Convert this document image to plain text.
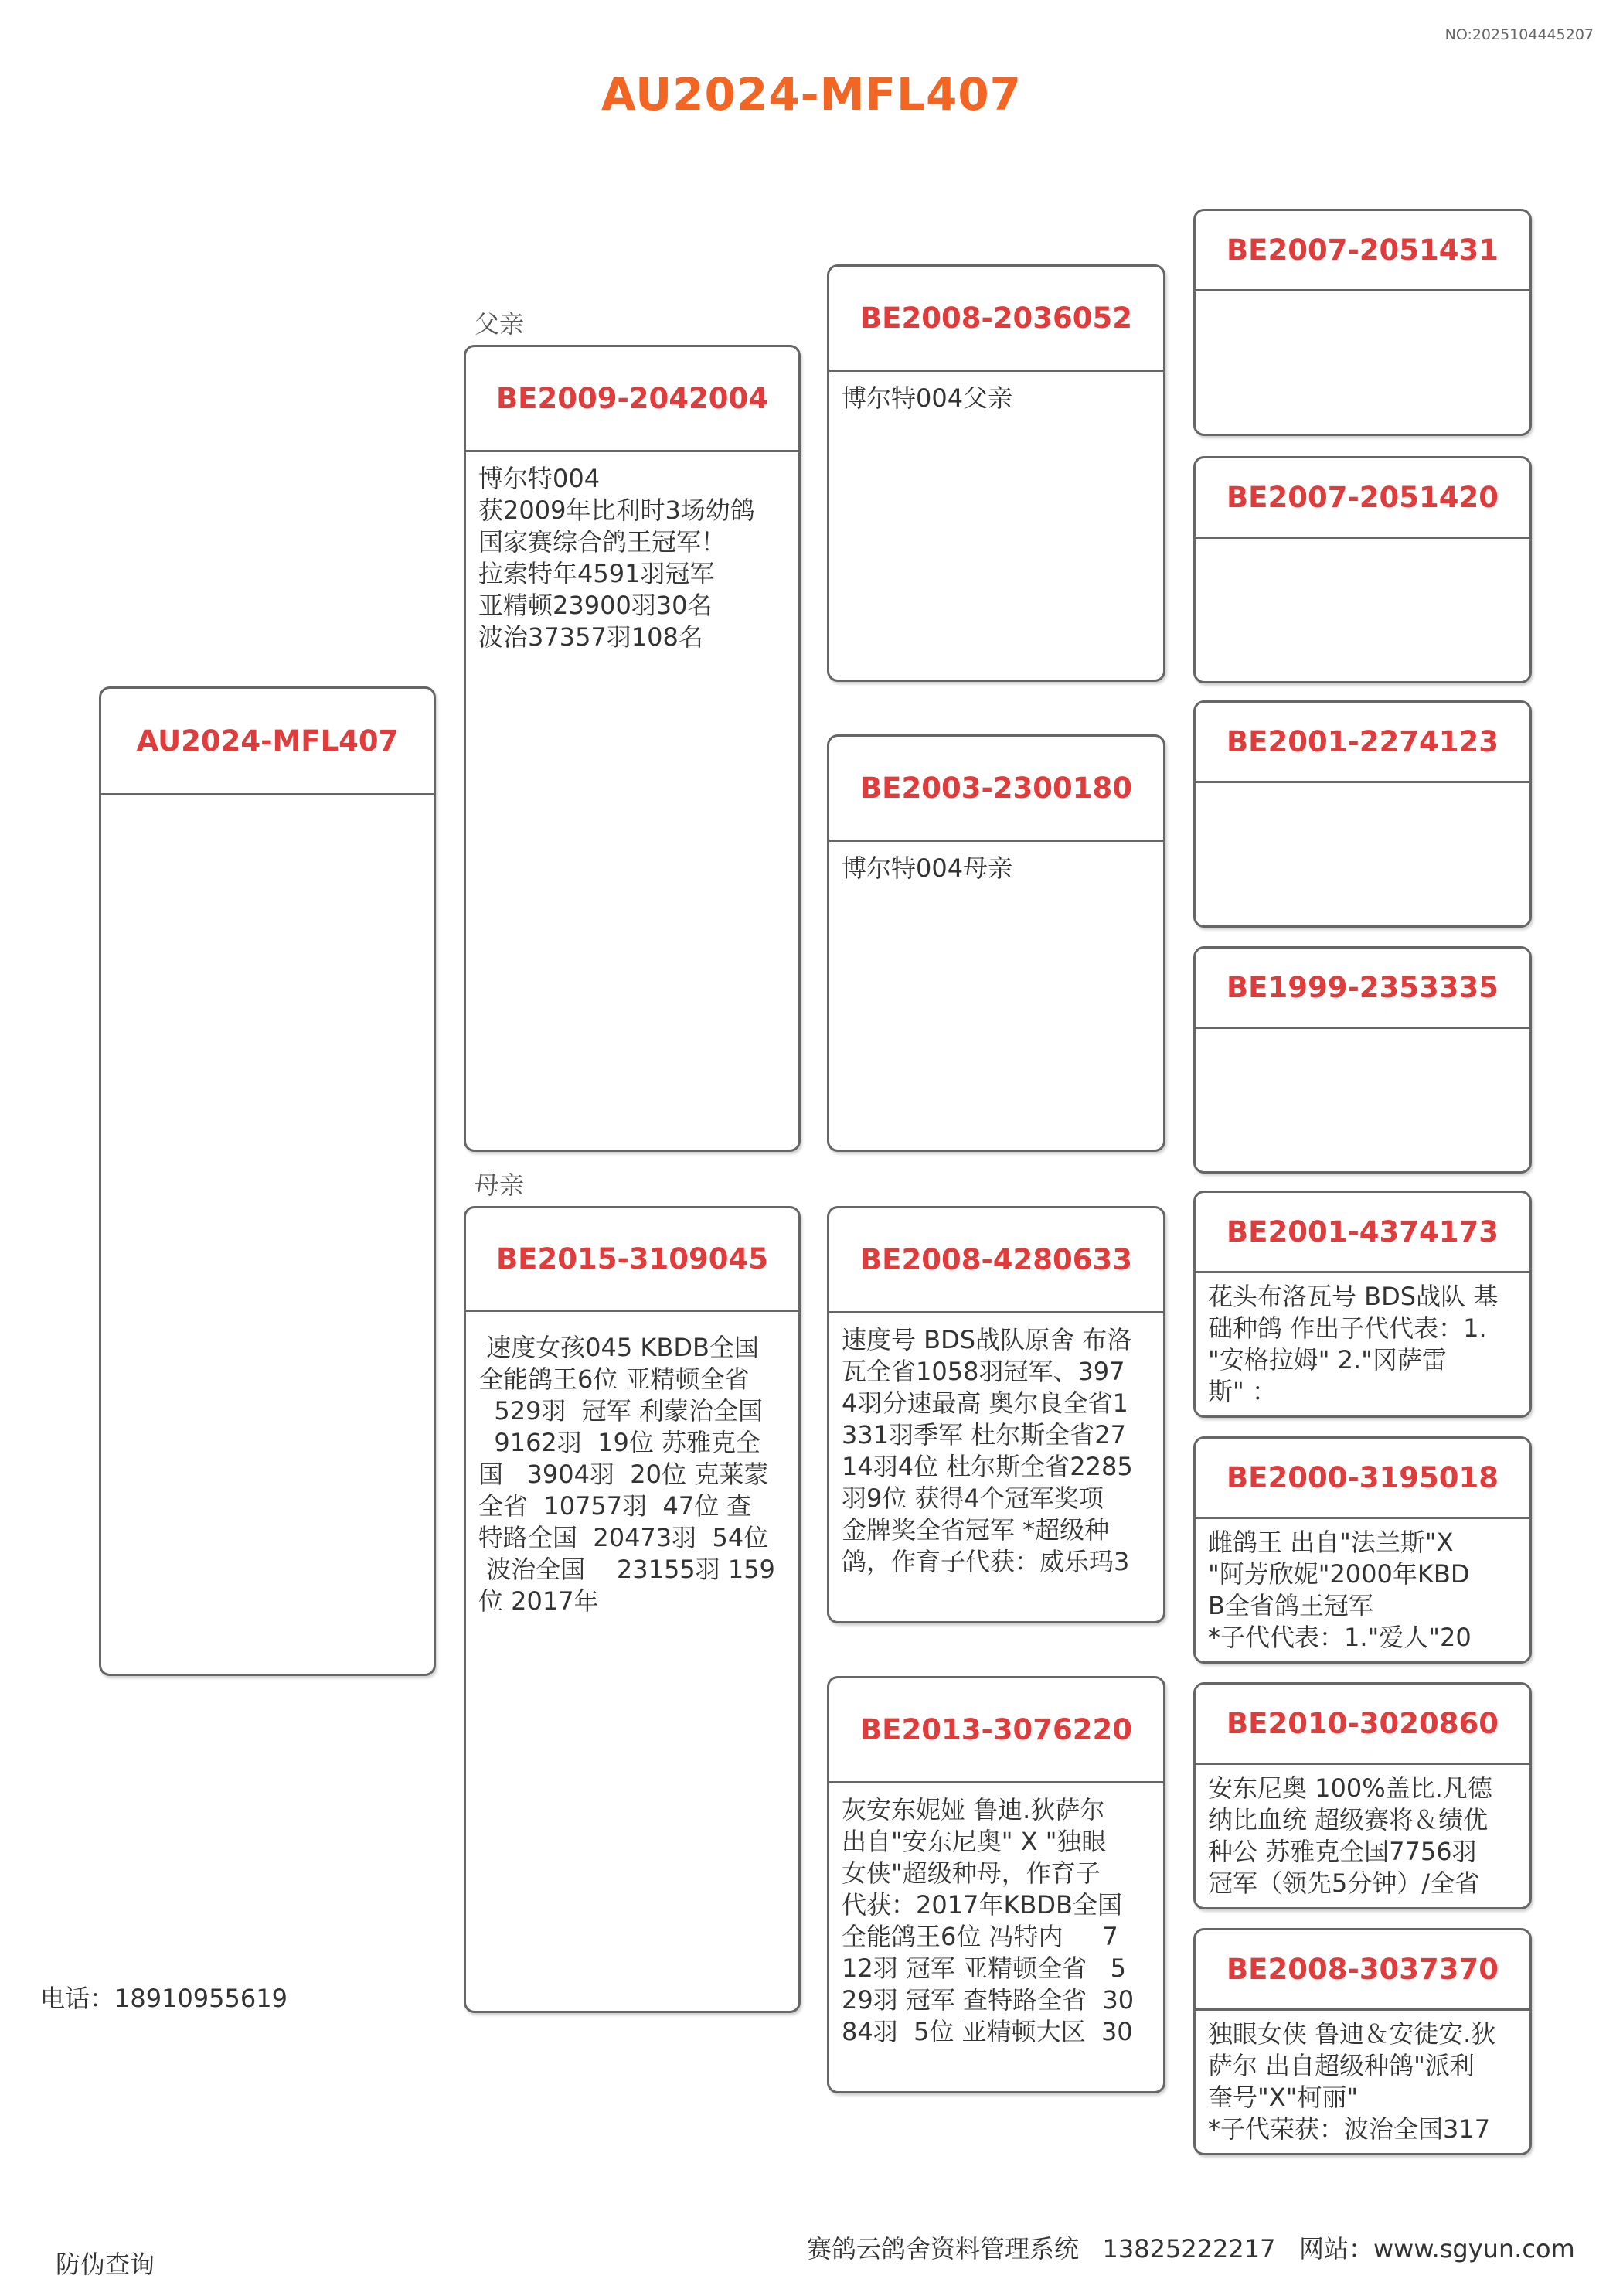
NO:2025104445207
AU2024-MFL407
AU2024-MFL407
父亲
BE2009-2042004
博尔特004
获2009年比利时3场幼鸽
国家赛综合鸽王冠军！
拉索特年4591羽冠军
亚精顿23900羽30名
波治37357羽108名
母亲
BE2015-3109045
速度女孩045 KBDB全国
全能鸽王6位 亚精顿全省
529羽  冠军 利蒙治全国
9162羽  19位 苏雅克全
国   3904羽  20位 克莱蒙
全省  10757羽  47位 查
特路全国  20473羽  54位
波治全国    23155羽 159
位 2017年
BE2008-2036052
博尔特004父亲
BE2003-2300180
博尔特004母亲
BE2008-4280633
速度号 BDS战队原舍 布洛
瓦全省1058羽冠军、397
4羽分速最高 奥尔良全省1
331羽季军 杜尔斯全省27
14羽4位 杜尔斯全省2285
羽9位 获得4个冠军奖项
金牌奖全省冠军 *超级种
鸽，作育子代获：威乐玛3
BE2013-3076220
灰安东妮娅 鲁迪.狄萨尔
出自"安东尼奥" X "独眼
女侠"超级种母，作育子
代获：2017年KBDB全国
全能鸽王6位 冯特内     7
12羽 冠军 亚精顿全省   5
29羽 冠军 查特路全省  30
84羽  5位 亚精顿大区  30
BE2007-2051431
BE2007-2051420
BE2001-2274123
BE1999-2353335
BE2001-4374173
花头布洛瓦号 BDS战队 基
础种鸽 作出子代代表：1.
"安格拉姆" 2."冈萨雷
斯" ：
BE2000-3195018
雌鸽王 出自"法兰斯"X
"阿芳欣妮"2000年KBD
B全省鸽王冠军
*子代代表：1."爱人"20
BE2010-3020860
安东尼奥 100%盖比.凡德
纳比血统 超级赛将＆绩优
种公 苏雅克全国7756羽
冠军（领先5分钟）/全省
BE2008-3037370
独眼女侠 鲁迪＆安徒安.狄
萨尔 出自超级种鸽"派利
奎号"X"柯丽"
*子代荣获：波治全国317
电话：18910955619
防伪查询
赛鸽云鸽舍资料管理系统   13825222217   网站：www.sgyun.com
